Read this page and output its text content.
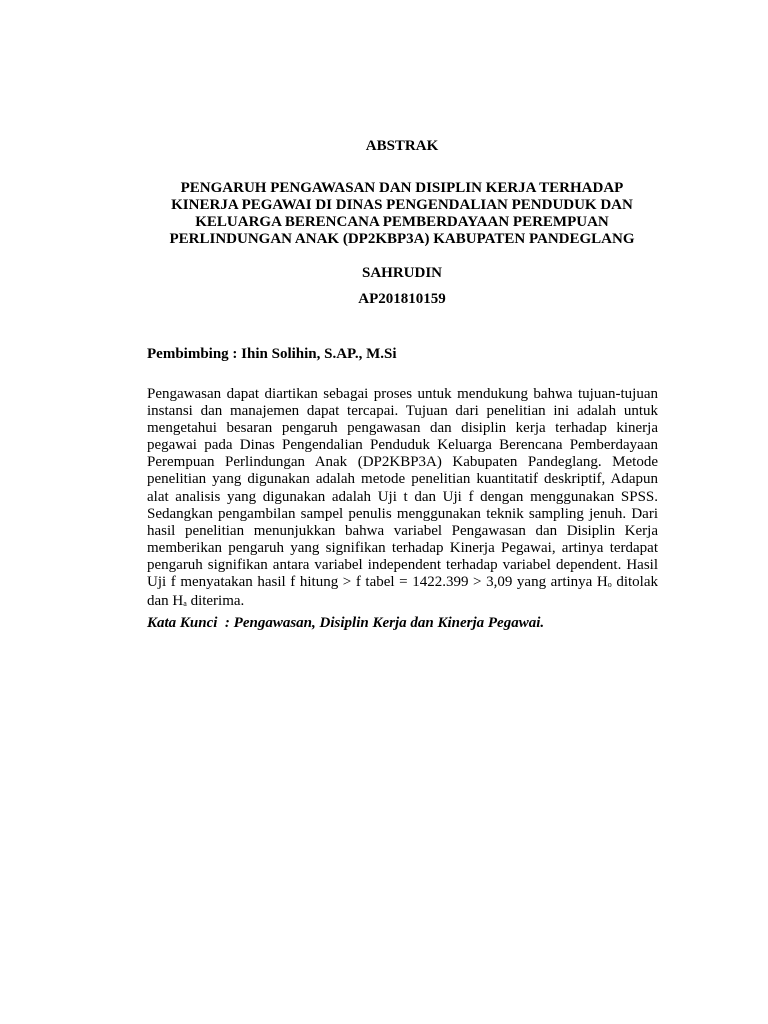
ABSTRAK
PENGARUH PENGAWASAN DAN DISIPLIN KERJA TERHADAP KINERJA PEGAWAI DI DINAS PENGENDALIAN PENDUDUK DAN KELUARGA BERENCANA PEMBERDAYAAN PEREMPUAN PERLINDUNGAN ANAK (DP2KBP3A) KABUPATEN PANDEGLANG
SAHRUDIN
AP201810159
Pembimbing : Ihin Solihin, S.AP., M.Si
Pengawasan dapat diartikan sebagai proses untuk mendukung bahwa tujuan-tujuan instansi dan manajemen dapat tercapai. Tujuan dari penelitian ini adalah untuk mengetahui besaran pengaruh pengawasan dan disiplin kerja terhadap kinerja pegawai pada Dinas Pengendalian Penduduk Keluarga Berencana Pemberdayaan Perempuan Perlindungan Anak (DP2KBP3A) Kabupaten Pandeglang. Metode penelitian yang digunakan adalah metode penelitian kuantitatif deskriptif, Adapun alat analisis yang digunakan adalah Uji t dan Uji f dengan menggunakan SPSS. Sedangkan pengambilan sampel penulis menggunakan teknik sampling jenuh. Dari hasil penelitian menunjukkan bahwa variabel Pengawasan dan Disiplin Kerja memberikan pengaruh yang signifikan terhadap Kinerja Pegawai, artinya terdapat pengaruh signifikan antara variabel independent terhadap variabel dependent. Hasil Uji f menyatakan hasil f hitung > f tabel = 1422.399 > 3,09 yang artinya $H_o$ ditolak dan $H_a$ diterima.
Kata Kunci  : Pengawasan, Disiplin Kerja dan Kinerja Pegawai.
